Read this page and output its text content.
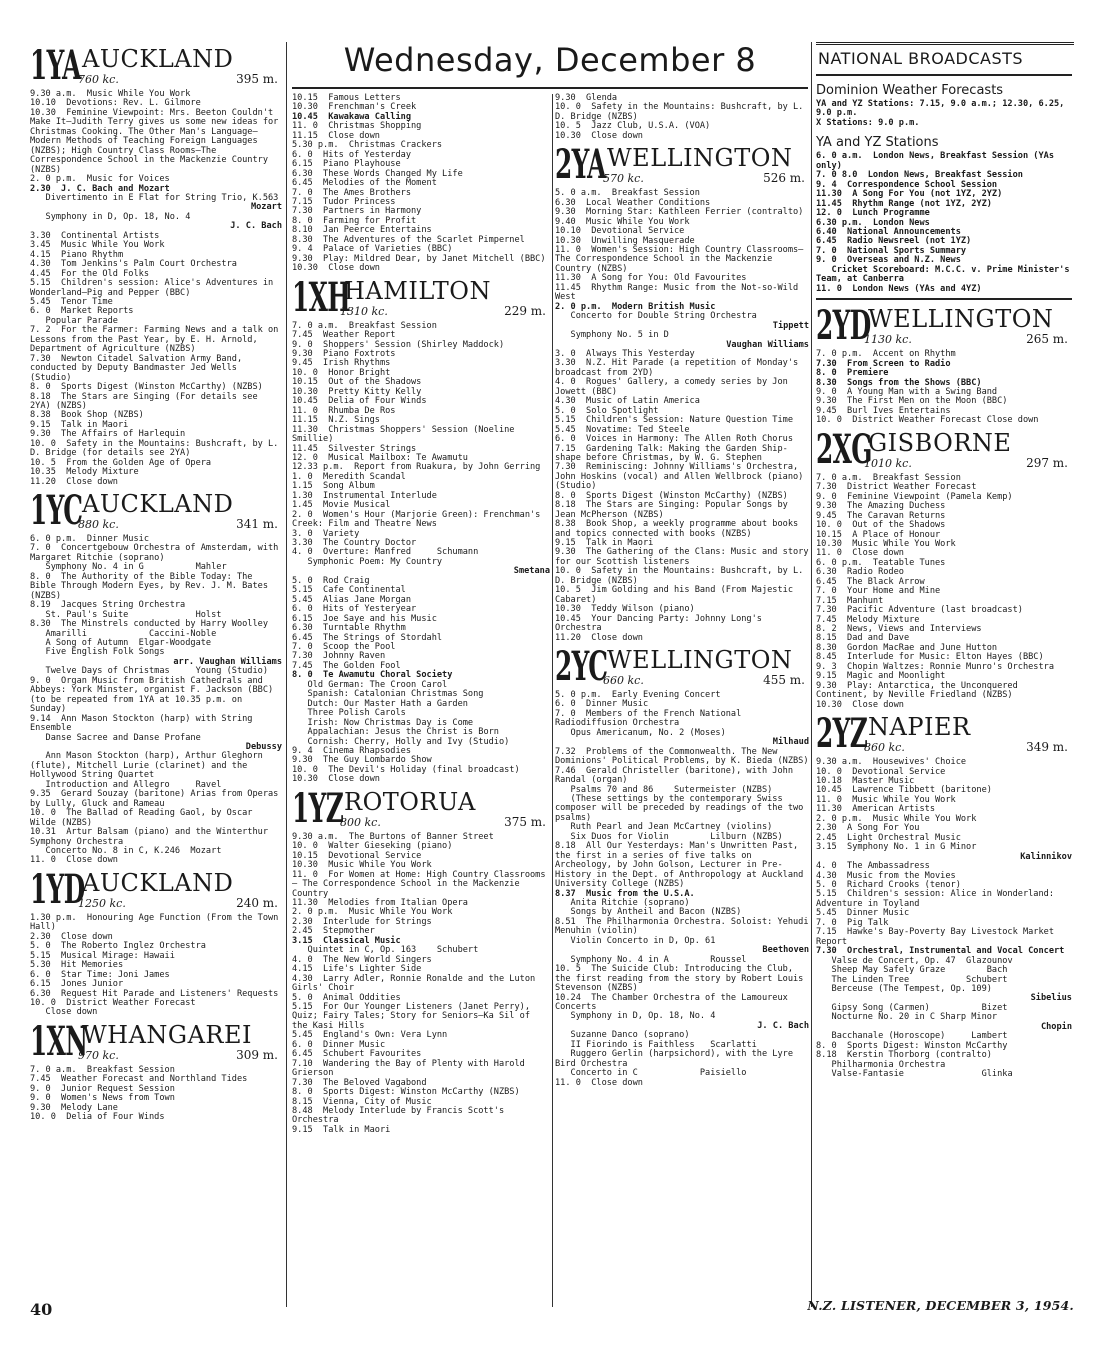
Wednesday, December 8
1YA AUCKLAND
760 kc.	395 m.
9.30 a.m.  Music While You Work
10.10  Devotions: Rev. L. Gilmore
10.30  Feminine Viewpoint: Mrs. Beeton Couldn't Make It—Judith Terry gives us some new ideas for Christmas Cooking. The Other Man's Language—Modern Methods of Teaching Foreign Languages (NZBS); High Country Class Rooms—The Correspondence School in the Mackenzie Country (NZBS)
2. 0 p.m.  Music for Voices
2.30  J. C. Bach and Mozart
Divertimento in E Flat for String Trio, K.563
Mozart
Symphony in D, Op. 18, No. 4
J. C. Bach
3.30  Continental Artists
3.45  Music While You Work
4.15  Piano Rhythm
4.30  Tom Jenkins's Palm Court Orchestra
4.45  For the Old Folks
5.15  Children's session: Alice's Adventures in Wonderland—Pig and Pepper (BBC)
5.45  Tenor Time
6. 0  Market Reports
Popular Parade
7. 2  For the Farmer: Farming News and a talk on Lessons from the Past Year, by E. H. Arnold, Department of Agriculture (NZBS)
7.30  Newton Citadel Salvation Army Band, conducted by Deputy Bandmaster Jed Wells (Studio)
8. 0  Sports Digest (Winston McCarthy) (NZBS)
8.18  The Stars are Singing (For details see 2YA) (NZBS)
8.38  Book Shop (NZBS)
9.15  Talk in Maori
9.30  The Affairs of Harlequin
10. 0  Safety in the Mountains: Bushcraft, by L. D. Bridge (for details see 2YA)
10. 5  From the Golden Age of Opera
10.35  Melody Mixture
11.20  Close down
1YC AUCKLAND
880 kc.	341 m.
6. 0 p.m.  Dinner Music
7. 0  Concertgebouw Orchestra of Amsterdam, with Margaret Ritchie (soprano)
Symphony No. 4 in G          Mahler
8. 0  The Authority of the Bible Today: The Bible Through Modern Eyes, by Rev. J. M. Bates (NZBS)
8.19  Jacques String Orchestra
St. Paul's Suite             Holst
8.30  The Minstrels conducted by Harry Woolley
Amarilli            Caccini-Noble
A Song of Autumn  Elgar-Woodgate
Five English Folk Songs
arr. Vaughan Williams
Twelve Days of Christmas     Young (Studio)
9. 0  Organ Music from British Cathedrals and Abbeys: York Minster, organist F. Jackson (BBC) (to be repeated from 1YA at 10.35 p.m. on Sunday)
9.14  Ann Mason Stockton (harp) with String Ensemble
Danse Sacree and Danse Profane
Debussy
Ann Mason Stockton (harp), Arthur Gleghorn (flute), Mitchell Lurie (clarinet) and the Hollywood String Quartet
Introduction and Allegro     Ravel
9.35  Gerard Souzay (baritone) Arias from Operas by Lully, Gluck and Rameau
10. 0  The Ballad of Reading Gaol, by Oscar Wilde (NZBS)
10.31  Artur Balsam (piano) and the Winterthur Symphony Orchestra
Concerto No. 8 in C, K.246  Mozart
11. 0  Close down
1YD
AUCKLAND
1250 kc.	240 m.
1.30 p.m.  Honouring Age Function (From the Town Hall)
2.30  Close down
5. 0  The Roberto Inglez Orchestra
5.15  Musical Mirage: Hawaii
5.30  Hit Memories
6. 0  Star Time: Joni James
6.15  Jones Junior
6.30  Request Hit Parade and Listeners' Requests
10. 0  District Weather Forecast
Close down
1XN
WHANGAREI
970 kc.	309 m.
7. 0 a.m.  Breakfast Session
7.45  Weather Forecast and Northland Tides
9. 0  Junior Request Session
9. 0  Women's News from Town
9.30  Melody Lane
10. 0  Delia of Four Winds
10.15  Famous Letters
10.30  Frenchman's Creek
10.45  Kawakawa Calling
11. 0  Christmas Shopping
11.15  Close down
5.30 p.m.  Christmas Crackers
6. 0  Hits of Yesterday
6.15  Piano Playhouse
6.30  These Words Changed My Life
6.45  Melodies of the Moment
7. 0  The Ames Brothers
7.15  Tudor Princess
7.30  Partners in Harmony
8. 0  Farming for Profit
8.10  Jan Peerce Entertains
8.30  The Adventures of the Scarlet Pimpernel
9. 4  Palace of Varieties (BBC)
9.30  Play: Mildred Dear, by Janet Mitchell (BBC)
10.30  Close down
1XH
HAMILTON
1310 kc.	229 m.
7. 0 a.m.  Breakfast Session
7.45  Weather Report
9. 0  Shoppers' Session (Shirley Maddock)
9.30  Piano Foxtrots
9.45  Irish Rhythms
10. 0  Honor Bright
10.15  Out of the Shadows
10.30  Pretty Kitty Kelly
10.45  Delia of Four Winds
11. 0  Rhumba De Ros
11.15  N.Z. Sings
11.30  Christmas Shoppers' Session (Noeline Smillie)
11.45  Silvester Strings
12. 0  Musical Mailbox: Te Awamutu
12.33 p.m.  Report from Ruakura, by John Gerring
1. 0  Meredith Scandal
1.15  Song Album
1.30  Instrumental Interlude
1.45  Movie Musical
2. 0  Women's Hour (Marjorie Green): Frenchman's Creek: Film and Theatre News
3. 0  Variety
3.30  The Country Doctor
4. 0  Overture: Manfred     Schumann
Symphonic Poem: My Country
Smetana
5. 0  Rod Craig
5.15  Cafe Continental
5.45  Alias Jane Morgan
6. 0  Hits of Yesteryear
6.15  Joe Saye and his Music
6.30  Turntable Rhythm
6.45  The Strings of Stordahl
7. 0  Scoop the Pool
7.30  Johnny Raven
7.45  The Golden Fool
8. 0  Te Awamutu Choral Society
Old German: The Croon Carol
Spanish: Catalonian Christmas Song
Dutch: Our Master Hath a Garden
Three Polish Carols
Irish: Now Christmas Day is Come
Appalachian: Jesus the Christ is Born
Cornish: Cherry, Holly and Ivy (Studio)
9. 4  Cinema Rhapsodies
9.30  The Guy Lombardo Show
10. 0  The Devil's Holiday (final broadcast)
10.30  Close down
1YZ ROTORUA
800 kc.	375 m.
9.30 a.m.  The Burtons of Banner Street
10. 0  Walter Gieseking (piano)
10.15  Devotional Service
10.30  Music While You Work
11. 0  For Women at Home: High Country Classrooms — The Correspondence School in the Mackenzie Country
11.30  Melodies from Italian Opera
2. 0 p.m.  Music While You Work
2.30  Interlude for Strings
2.45  Stepmother
3.15  Classical Music
Quintet in C, Op. 163    Schubert
4. 0  The New World Singers
4.15  Life's Lighter Side
4.30  Larry Adler, Ronnie Ronalde and the Luton Girls' Choir
5. 0  Animal Oddities
5.15  For Our Younger Listeners (Janet Perry), Quiz; Fairy Tales; Story for Seniors—Ka Sil of the Kasi Hills
5.45  England's Own: Vera Lynn
6. 0  Dinner Music
6.45  Schubert Favourites
7.10  Wandering the Bay of Plenty with Harold Grierson
7.30  The Beloved Vagabond
8. 0  Sports Digest: Winston McCarthy (NZBS)
8.15  Vienna, City of Music
8.48  Melody Interlude by Francis Scott's Orchestra
9.15  Talk in Maori
9.30  Glenda
10. 0  Safety in the Mountains: Bushcraft, by L. D. Bridge (NZBS)
10. 5  Jazz Club, U.S.A. (VOA)
10.30  Close down
2YA WELLINGTON
570 kc.	526 m.
5. 0 a.m.  Breakfast Session
6.30  Local Weather Conditions
9.30  Morning Star: Kathleen Ferrier (contralto)
9.40  Music While You Work
10.10  Devotional Service
10.30  Unwilling Masquerade
11. 0  Women's Session: High Country Classrooms—The Correspondence School in the Mackenzie Country (NZBS)
11.30  A Song for You: Old Favourites
11.45  Rhythm Range: Music from the Not-so-Wild West
2. 0 p.m.  Modern British Music
Concerto for Double String Orchestra
Tippett
Symphony No. 5 in D
Vaughan Williams
3. 0  Always This Yesterday
3.30  N.Z. Hit Parade (a repetition of Monday's broadcast from 2YD)
4. 0  Rogues' Gallery, a comedy series by Jon Jowett (BBC)
4.30  Music of Latin America
5. 0  Solo Spotlight
5.15  Children's Session: Nature Question Time
5.45  Novatime: Ted Steele
6. 0  Voices in Harmony: The Allen Roth Chorus
7.15  Gardening Talk: Making the Garden Ship-shape before Christmas, by W. G. Stephen
7.30  Reminiscing: Johnny Williams's Orchestra, John Hoskins (vocal) and Allen Wellbrock (piano) (Studio)
8. 0  Sports Digest (Winston McCarthy) (NZBS)
8.18  The Stars are Singing: Popular Songs by Jean McPherson (NZBS)
8.38  Book Shop, a weekly programme about books and topics connected with books (NZBS)
9.15  Talk in Maori
9.30  The Gathering of the Clans: Music and story for our Scottish listeners
10. 0  Safety in the Mountains: Bushcraft, by L. D. Bridge (NZBS)
10. 5  Jim Golding and his Band (From Majestic Cabaret)
10.30  Teddy Wilson (piano)
10.45  Your Dancing Party: Johnny Long's Orchestra
11.20  Close down
2YC WELLINGTON
660 kc.	455 m.
5. 0 p.m.  Early Evening Concert
6. 0  Dinner Music
7. 0  Members of the French National Radiodiffusion Orchestra
Opus Americanum, No. 2 (Moses)
Milhaud
7.32  Problems of the Commonwealth. The New Dominions' Political Problems, by K. Bieda (NZBS)
7.46  Gerald Christeller (baritone), with John Randal (organ)
Psalms 70 and 86    Sutermeister (NZBS)
(These settings by the contemporary Swiss composer will be preceded by readings of the two psalms)
Ruth Pearl and Jean McCartney (violins)
Six Duos for Violin        Lilburn (NZBS)
8.18  All Our Yesterdays: Man's Unwritten Past, the first in a series of five talks on Archeology, by John Golson, Lecturer in Pre-History in the Dept. of Anthropology at Auckland University College (NZBS)
8.37  Music from the U.S.A.
Anita Ritchie (soprano)
Songs by Antheil and Bacon (NZBS)
8.51  The Philharmonia Orchestra. Soloist: Yehudi Menuhin (violin)
Violin Concerto in D, Op. 61
Beethoven
Symphony No. 4 in A        Roussel
10. 5  The Suicide Club: Introducing the Club, the first reading from the story by Robert Louis Stevenson (NZBS)
10.24  The Chamber Orchestra of the Lamoureux Concerts
Symphony in D, Op. 18, No. 4
J. C. Bach
Suzanne Danco (soprano)
II Fiorindo is Faithless   Scarlatti
Ruggero Gerlin (harpsichord), with the Lyre Bird Orchestra
Concerto in C            Paisiello
11. 0  Close down
NATIONAL BROADCASTS
Dominion Weather Forecasts
YA and YZ Stations: 7.15, 9.0 a.m.; 12.30, 6.25, 9.0 p.m.
X Stations: 9.0 p.m.
YA and YZ Stations
6. 0 a.m.  London News, Breakfast Session (YAs only)
7. 0 8.0  London News, Breakfast Session
9. 4  Correspondence School Session
11.30  A Song For You (not 1YZ, 2YZ)
11.45  Rhythm Range (not 1YZ, 2YZ)
12. 0  Lunch Programme
6.30 p.m.  London News
6.40  National Announcements
6.45  Radio Newsreel (not 1YZ)
7. 0  National Sports Summary
9. 0  Overseas and N.Z. News
Cricket Scoreboard: M.C.C. v. Prime Minister's Team, at Canberra
11. 0  London News (YAs and 4YZ)
2YD
WELLINGTON
1130 kc.	265 m.
7. 0 p.m.  Accent on Rhythm
7.30  From Screen to Radio
8. 0  Premiere
8.30  Songs from the Shows (BBC)
9. 0  A Young Man with a Swing Band
9.30  The First Men on the Moon (BBC)
9.45  Burl Ives Entertains
10. 0  District Weather Forecast Close down
2XG
GISBORNE
1010 kc.	297 m.
7. 0 a.m.  Breakfast Session
7.30  District Weather Forecast
9. 0  Feminine Viewpoint (Pamela Kemp)
9.30  The Amazing Duchess
9.45  The Caravan Returns
10. 0  Out of the Shadows
10.15  A Place of Honour
10.30  Music While You Work
11. 0  Close down
6. 0 p.m.  Teatable Tunes
6.30  Radio Rodeo
6.45  The Black Arrow
7. 0  Your Home and Mine
7.15  Manhunt
7.30  Pacific Adventure (last broadcast)
7.45  Melody Mixture
8. 2  News, Views and Interviews
8.15  Dad and Dave
8.30  Gordon MacRae and June Hutton
8.45  Interlude for Music: Elton Hayes (BBC)
9. 3  Chopin Waltzes: Ronnie Munro's Orchestra
9.15  Magic and Moonlight
9.30  Play: Antarctica, the Unconquered Continent, by Neville Friedland (NZBS)
10.30  Close down
2YZ NAPIER
860 kc.	349 m.
9.30 a.m.  Housewives' Choice
10. 0  Devotional Service
10.18  Master Music
10.45  Lawrence Tibbett (baritone)
11. 0  Music While You Work
11.30  American Artists
2. 0 p.m.  Music While You Work
2.30  A Song For You
2.45  Light Orchestral Music
3.15  Symphony No. 1 in G Minor
Kalinnikov
4. 0  The Ambassadress
4.30  Music from the Movies
5. 0  Richard Crooks (tenor)
5.15  Children's session: Alice in Wonderland: Adventure in Toyland
5.45  Dinner Music
7. 0  Pig Talk
7.15  Hawke's Bay-Poverty Bay Livestock Market Report
7.30  Orchestral, Instrumental and Vocal Concert
Valse de Concert, Op. 47  Glazounov
Sheep May Safely Graze        Bach
The Linden Tree           Schubert
Berceuse (The Tempest, Op. 109)
Sibelius
Gipsy Song (Carmen)          Bizet
Nocturne No. 20 in C Sharp Minor
Chopin
Bacchanale (Horoscope)     Lambert
8. 0  Sports Digest: Winston McCarthy
8.18  Kerstin Thorborg (contralto)
Philharmonia Orchestra
Valse-Fantasie               Glinka
40	N.Z. LISTENER, DECEMBER 3, 1954.
